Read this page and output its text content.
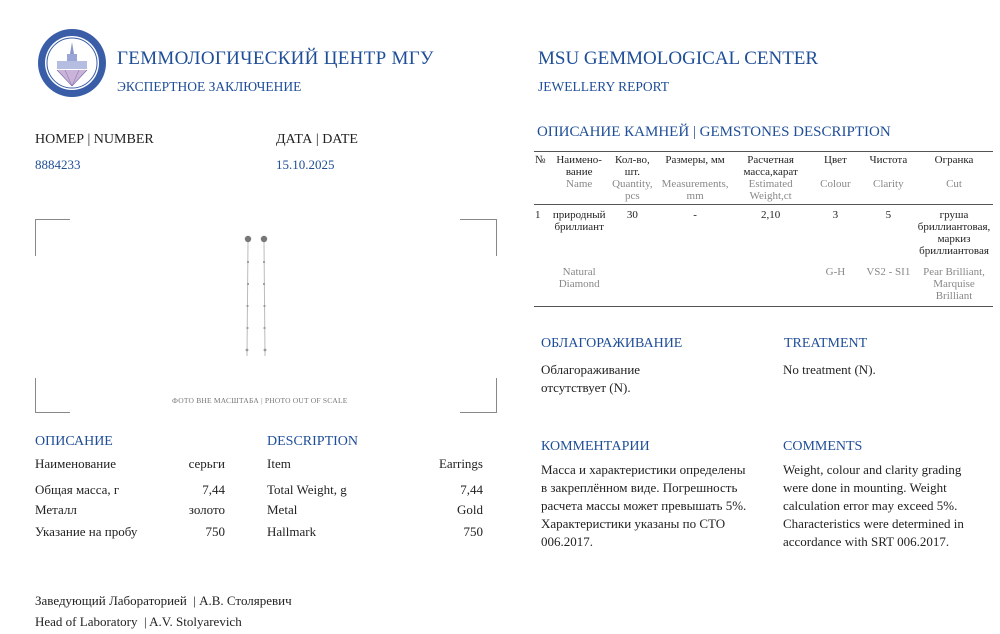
ГЕММОЛОГИЧЕСКИЙ ЦЕНТР МГУ
ЭКСПЕРТНОЕ ЗАКЛЮЧЕНИЕ
MSU GEMMOLOGICAL CENTER
JEWELLERY REPORT
НОМЕР | NUMBER
8884233
ДАТА | DATE
15.10.2025
ФОТО ВНЕ МАСШТАБА | PHOTO OUT OF SCALE
ОПИСАНИЕ
Наименование	серьги
Общая масса, г	7,44
Металл	золото
Указание на пробу	750
DESCRIPTION
Item	Earrings
Total Weight, g	7,44
Metal	Gold
Hallmark	750
ОПИСАНИЕ КАМНЕЙ | GEMSTONES DESCRIPTION
№	Наимено-вание	Кол-во, шт.	Размеры, мм	Расчетная масса,карат	Цвет	Чистота	Огранка
	Name	Quantity, pcs	Measurements, mm	Estimated Weight,ct	Colour	Clarity	Cut
1	природный бриллиант	30	-	2,10	3	5	груша бриллиантовая, маркиз бриллиантовая
	Natural Diamond				G-H	VS2 - SI1	Pear Brilliant, Marquise Brilliant
ОБЛАГОРАЖИВАНИЕ	TREATMENT
Облагораживание отсутствует (N).
No treatment (N).
КОММЕНТАРИИ	COMMENTS
Масса и характеристики определены в закреплённом виде. Погрешность расчета массы может превышать 5%. Характеристики указаны по СТО 006.2017.
Weight, colour and clarity grading were done in mounting. Weight calculation error may exceed 5%. Characteristics were determined in accordance with SRT 006.2017.
Заведующий Лабораторией  | А.В. Столяревич
Head of Laboratory  | A.V. Stolyarevich
